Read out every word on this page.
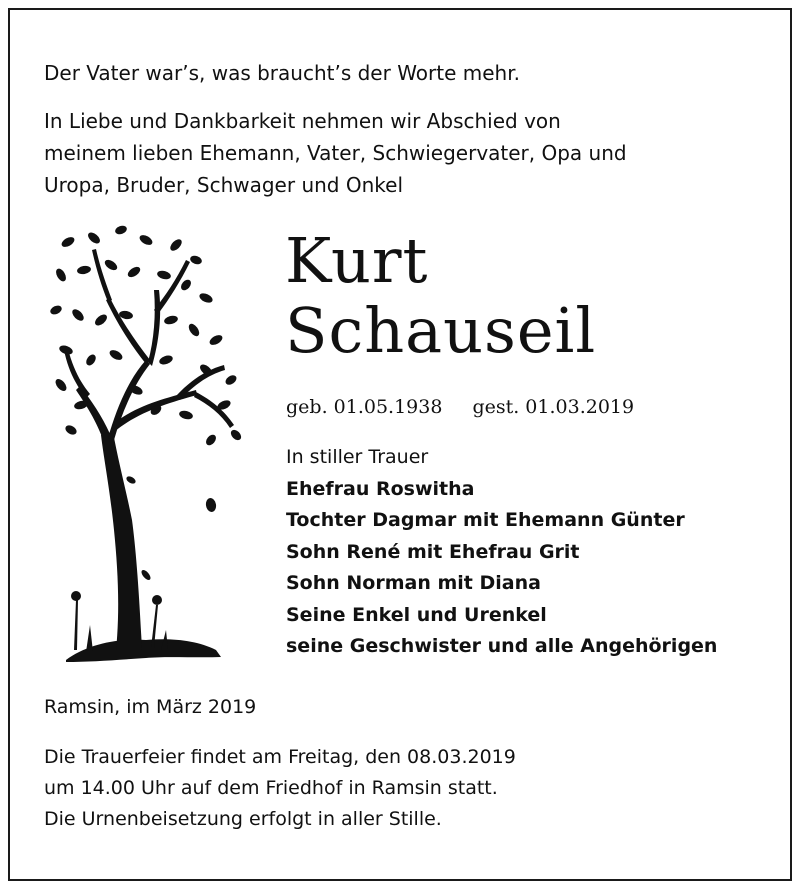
Der Vater war’s, was braucht’s der Worte mehr.
In Liebe und Dankbarkeit nehmen wir Abschied von
meinem lieben Ehemann, Vater, Schwiegervater, Opa und
Uropa, Bruder, Schwager und Onkel
Kurt
Schauseil
geb. 01.05.1938 gest. 01.03.2019
In stiller Trauer
Ehefrau Roswitha
Tochter Dagmar mit Ehemann Günter
Sohn René mit Ehefrau Grit
Sohn Norman mit Diana
Seine Enkel und Urenkel
seine Geschwister und alle Angehörigen
Ramsin, im März 2019
Die Trauerfeier findet am Freitag, den 08.03.2019
um 14.00 Uhr auf dem Friedhof in Ramsin statt.
Die Urnenbeisetzung erfolgt in aller Stille.
